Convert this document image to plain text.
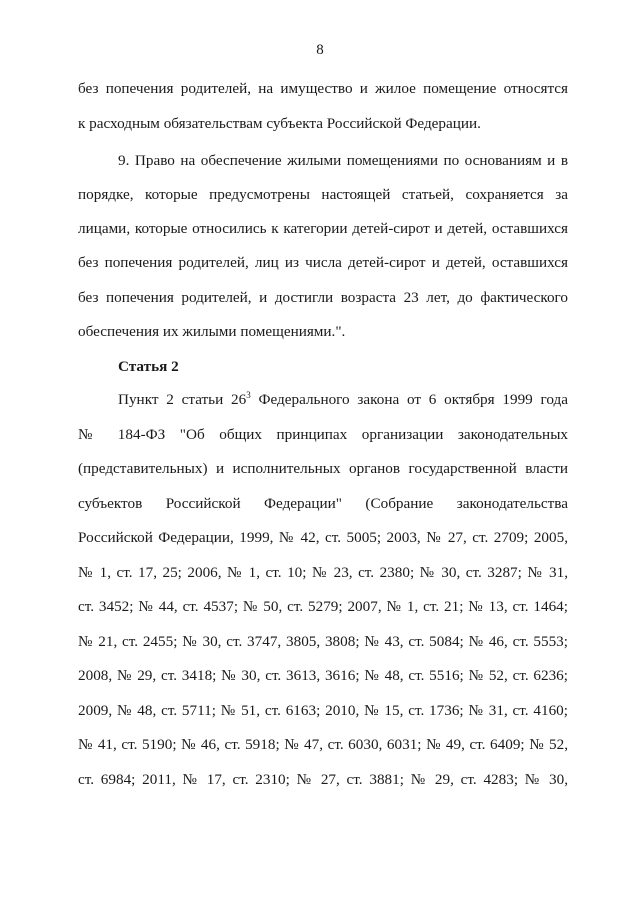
8
без попечения родителей, на имущество и жилое помещение относятся
к расходным обязательствам субъекта Российской Федерации.
9. Право на обеспечение жилыми помещениями по основаниям и в
порядке, которые предусмотрены настоящей статьей, сохраняется за
лицами, которые относились к категории детей-сирот и детей, оставшихся
без попечения родителей, лиц из числа детей-сирот и детей, оставшихся
без попечения родителей, и достигли возраста 23 лет, до фактического
обеспечения их жилыми помещениями.".
Статья 2
Пункт 2 статьи $26^3$ Федерального закона от 6 октября 1999 года
№ 184-ФЗ "Об общих принципах организации законодательных
(представительных) и исполнительных органов государственной власти
субъектов Российской Федерации" (Собрание законодательства
Российской Федерации, 1999, № 42, ст. 5005; 2003, № 27, ст. 2709; 2005,
№ 1, ст. 17, 25; 2006, № 1, ст. 10; № 23, ст. 2380; № 30, ст. 3287; № 31,
ст. 3452; № 44, ст. 4537; № 50, ст. 5279; 2007, № 1, ст. 21; № 13, ст. 1464;
№ 21, ст. 2455; № 30, ст. 3747, 3805, 3808; № 43, ст. 5084; № 46, ст. 5553;
2008, № 29, ст. 3418; № 30, ст. 3613, 3616; № 48, ст. 5516; № 52, ст. 6236;
2009, № 48, ст. 5711; № 51, ст. 6163; 2010, № 15, ст. 1736; № 31, ст. 4160;
№ 41, ст. 5190; № 46, ст. 5918; № 47, ст. 6030, 6031; № 49, ст. 6409; № 52,
ст. 6984; 2011, № 17, ст. 2310; № 27, ст. 3881; № 29, ст. 4283; № 30,
